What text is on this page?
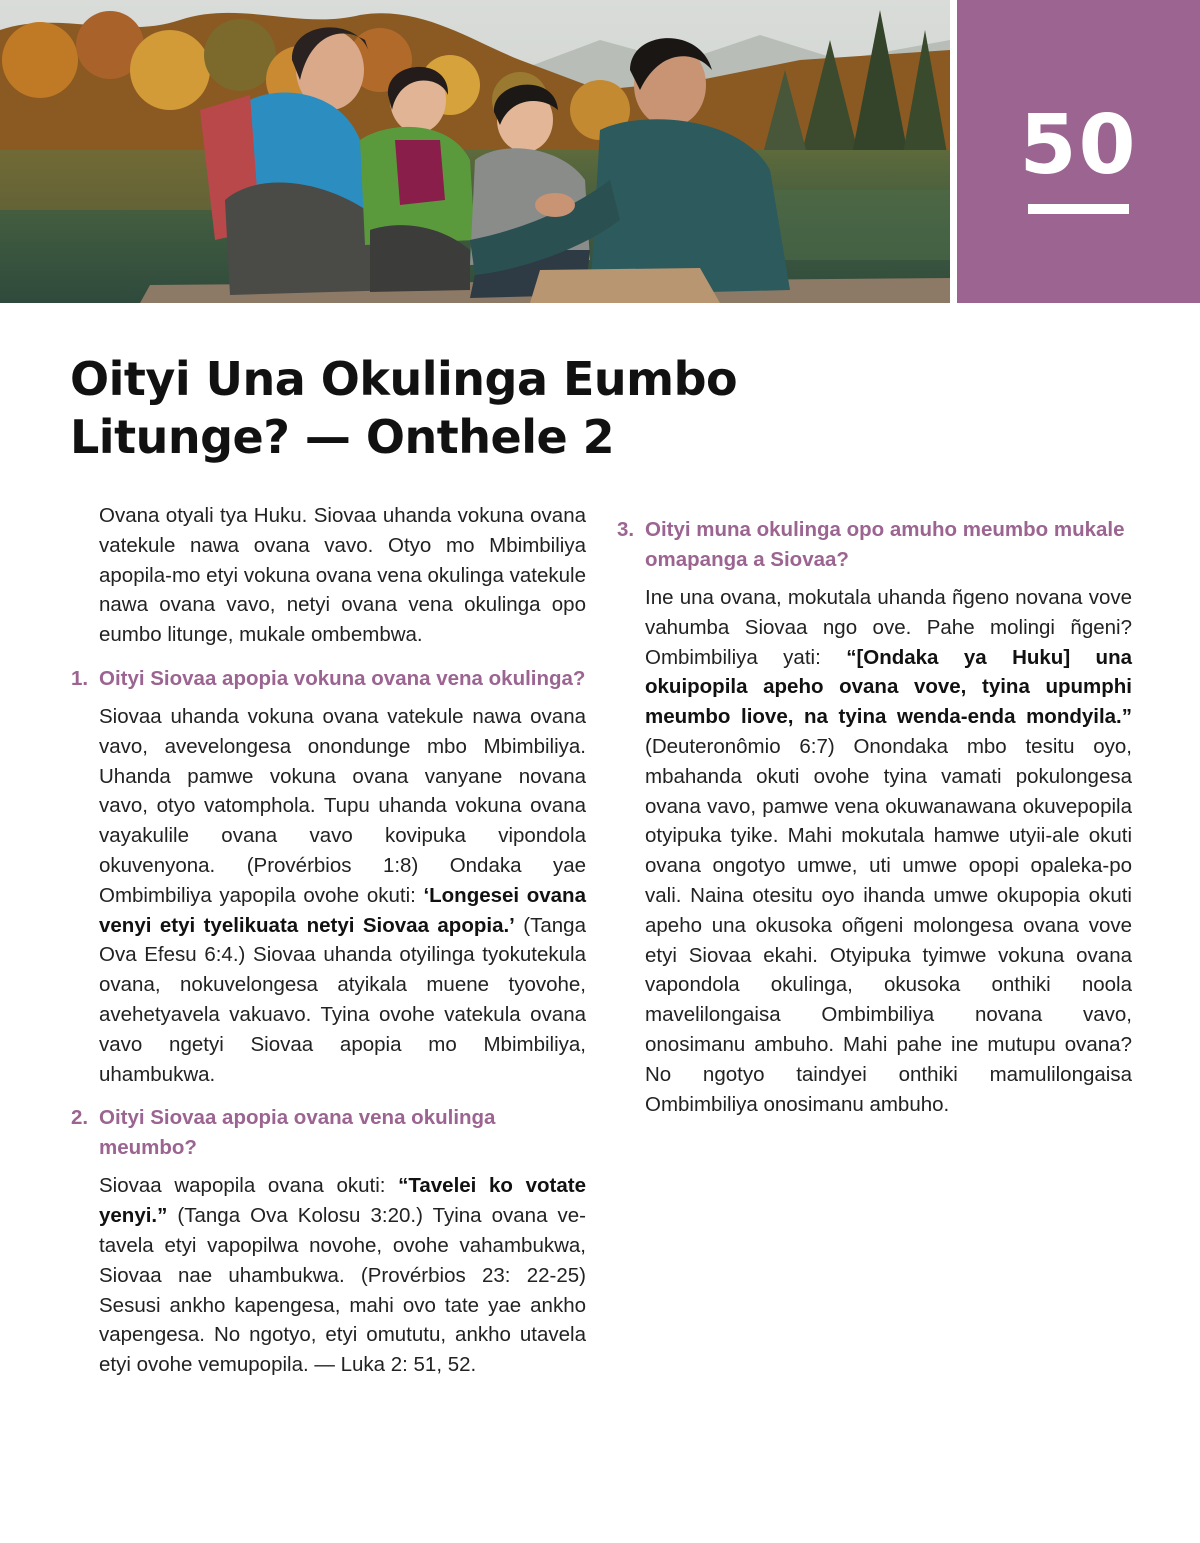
50
Oityi Una Okulinga Eumbo
Litunge? — Onthele 2

Ovana otyali tya Huku. Siovaa uhanda vokuna ovana vatekule nawa ovana vavo. Otyo mo Mbimbiliya apopila-mo etyi vokuna ovana vena okulinga vatekule nawa ovana vavo, netyi ovana vena okulinga opo eumbo litunge, mukale ombembwa.

1. Oityi Siovaa apopia vokuna ovana vena okulinga?

Siovaa uhanda vokuna ovana vatekule nawa ovana vavo, avevelongesa onondunge mbo Mbimbiliya. Uhanda pamwe vokuna ovana vanyane novana vavo, otyo vatomphola. Tupu uhanda vokuna ovana vayakulile ovana vavo kovipuka vipondola okuvenyona. (Provérbios 1:8) Ondaka yae Ombimbiliya yapopila ovohe okuti: ‘Longesei ovana venyi etyi tyelikuata netyi Siovaa apopia.’ (Tanga Ova Efesu 6:4.) Siovaa uhanda otyilinga tyokutekula ovana, nokuvelongesa atyikala muene tyovohe, avehetyavela vakuavo. Tyina ovohe vatekula ovana vavo ngetyi Siovaa apopia mo Mbimbiliya, uhambukwa.

2. Oityi Siovaa apopia ovana vena okulinga meumbo?

Siovaa wapopila ovana okuti: “Tavelei ko votate yenyi.” (Tanga Ova Kolosu 3:20.) Tyina ovana vetavela etyi vapopilwa novohe, ovohe vahambukwa, Siovaa nae uhambukwa. (Provérbios 23: 22-25) Sesusi ankho kapengesa, mahi ovo tate yae ankho vapengesa. No ngotyo, etyi omututu, ankho utavela etyi ovohe vemupopila. — Luka 2: 51, 52.

3. Oityi muna okulinga opo amuho meumbo mukale omapanga a Siovaa?

Ine una ovana, mokutala uhanda ñgeno novana vove vahumba Siovaa ngo ove. Pahe molingi ñgeni? Ombimbiliya yati: “[Ondaka ya Huku] una okuipopila apeho ovana vove, tyina upumphi meumbo liove, na tyina wenda-enda mondyila.” (Deuteronômio 6:7) Onondaka mbo tesitu oyo, mbahanda okuti ovohe tyina vamati pokulongesa ovana vavo, pamwe vena okuwanawana okuvepopila otyipuka tyike. Mahi mokutala hamwe utyii-ale okuti ovana ongotyo umwe, uti umwe opopi opaleka-po vali. Naina otesitu oyo ihanda umwe okupopia okuti apeho una okusoka oñgeni molongesa ovana vove etyi Siovaa ekahi. Otyipuka tyimwe vokuna ovana vapondola okulinga, okusoka onthiki noola mavelilongaisa Ombimbiliya novana vavo, onosimanu ambuho. Mahi pahe ine mutupu ovana? No ngotyo taindyei onthiki mamulilongaisa Ombimbiliya onosimanu ambuho.
